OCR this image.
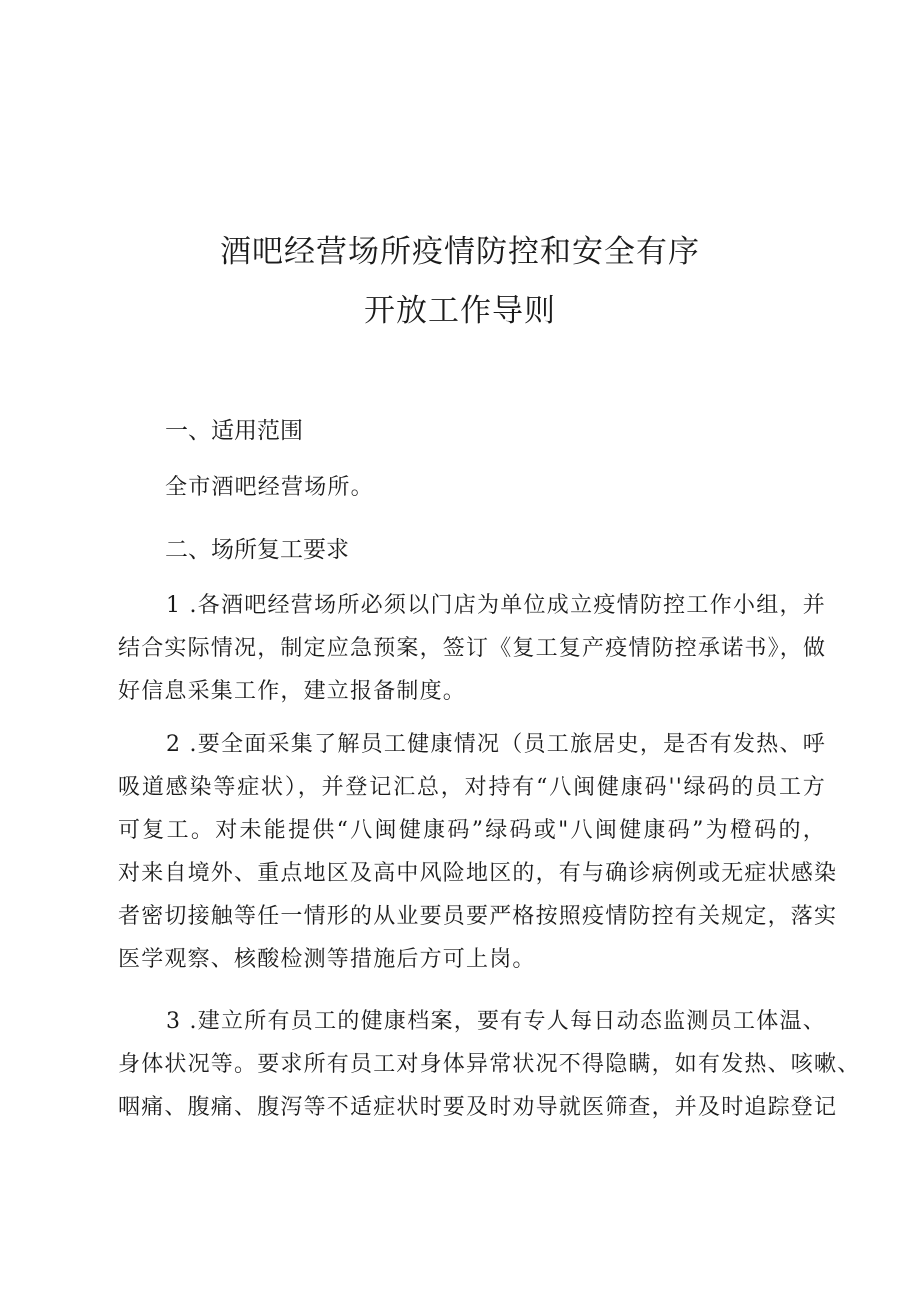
酒吧经营场所疫情防控和安全有序
开放工作导则
一、适用范围
全市酒吧经营场所。
二、场所复工要求
1 .各酒吧经营场所必须以门店为单位成立疫情防控工作小组，并
结合实际情况，制定应急预案，签订《复工复产疫情防控承诺书》，做
好信息采集工作，建立报备制度。
2 .要全面采集了解员工健康情况（员工旅居史，是否有发热、呼
吸道感染等症状），并登记汇总，对持有“八闽健康码''绿码的员工方
可复工。对未能提供“八闽健康码”绿码或"八闽健康码”为橙码的，
对来自境外、重点地区及高中风险地区的，有与确诊病例或无症状感染
者密切接触等任一情形的从业要员要严格按照疫情防控有关规定，落实
医学观察、核酸检测等措施后方可上岗。
3 .建立所有员工的健康档案，要有专人每日动态监测员工体温、
身体状况等。要求所有员工对身体异常状况不得隐瞒，如有发热、咳嗽、
咽痛、腹痛、腹泻等不适症状时要及时劝导就医筛查，并及时追踪登记
